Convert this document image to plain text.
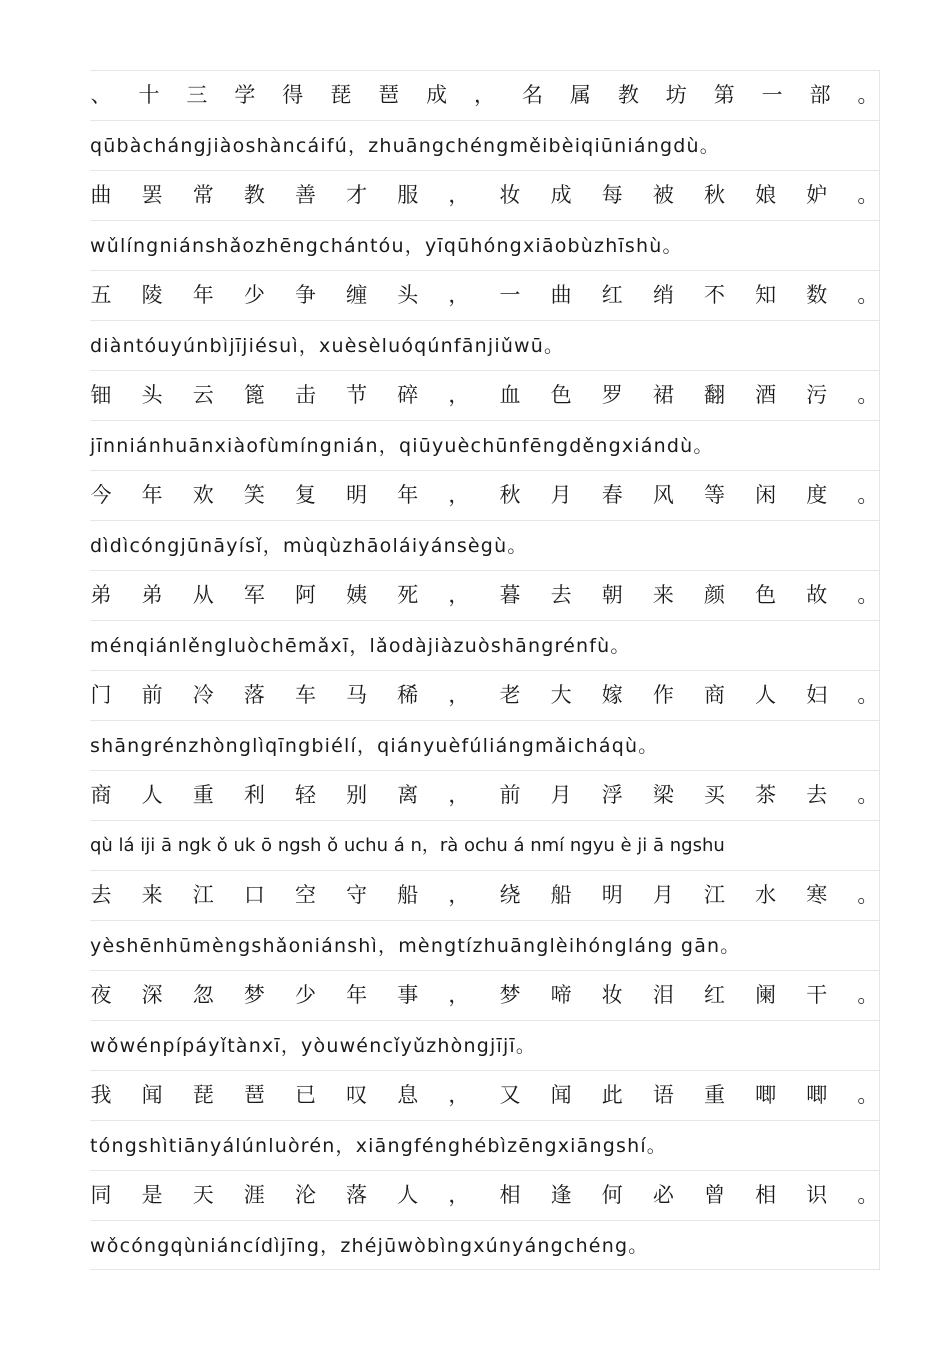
、 十 三 学 得 琵 琶 成 ， 名 属 教 坊 第 一 部 。
qūbàchángjiàoshàncáifú，zhuāngchéngměibèiqiūniángdù。
曲 罢 常 教 善 才 服 ， 妆 成 每 被 秋 娘 妒 。
wǔlíngniánshǎozhēngchántóu，yīqūhóngxiāobùzhīshù。
五 陵 年 少 争 缠 头 ， 一 曲 红 绡 不 知 数 。
diàntóuyúnbìjījiésuì，xuèsèluóqúnfānjiǔwū。
钿 头 云 篦 击 节 碎 ， 血 色 罗 裙 翻 酒 污 。
jīnniánhuānxiàofùmíngnián，qiūyuèchūnfēngděngxiándù。
今 年 欢 笑 复 明 年 ， 秋 月 春 风 等 闲 度 。
dìdìcóngjūnāyísǐ，mùqùzhāoláiyánsègù。
弟 弟 从 军 阿 姨 死 ， 暮 去 朝 来 颜 色 故 。
ménqiánlěngluòchēmǎxī，lǎodàjiàzuòshāngrénfù。
门 前 冷 落 车 马 稀 ， 老 大 嫁 作 商 人 妇 。
shāngrénzhònglìqīngbiélí，qiányuèfúliángmǎicháqù。
商 人 重 利 轻 别 离 ， 前 月 浮 梁 买 茶 去 。
qù lá iji ā ngk ǒ uk ō ngsh ǒ uchu á n，rà ochu á nmí ngyu è ji ā ngshu
去 来 江 口 空 守 船 ， 绕 船 明 月 江 水 寒 。
yèshēnhūmèngshǎoniánshì，mèngtízhuānglèihóngláng gān。
夜 深 忽 梦 少 年 事 ， 梦 啼 妆 泪 红 阑 干 。
wǒwénpípáyǐtànxī，yòuwéncǐyǔzhòngjījī。
我 闻 琵 琶 已 叹 息 ， 又 闻 此 语 重 唧 唧 。
tóngshìtiānyálúnluòrén，xiāngfénghébìzēngxiāngshí。
同 是 天 涯 沦 落 人 ， 相 逢 何 必 曾 相 识 。
wǒcóngqùniáncídìjīng，zhéjūwòbìngxúnyángchéng。
